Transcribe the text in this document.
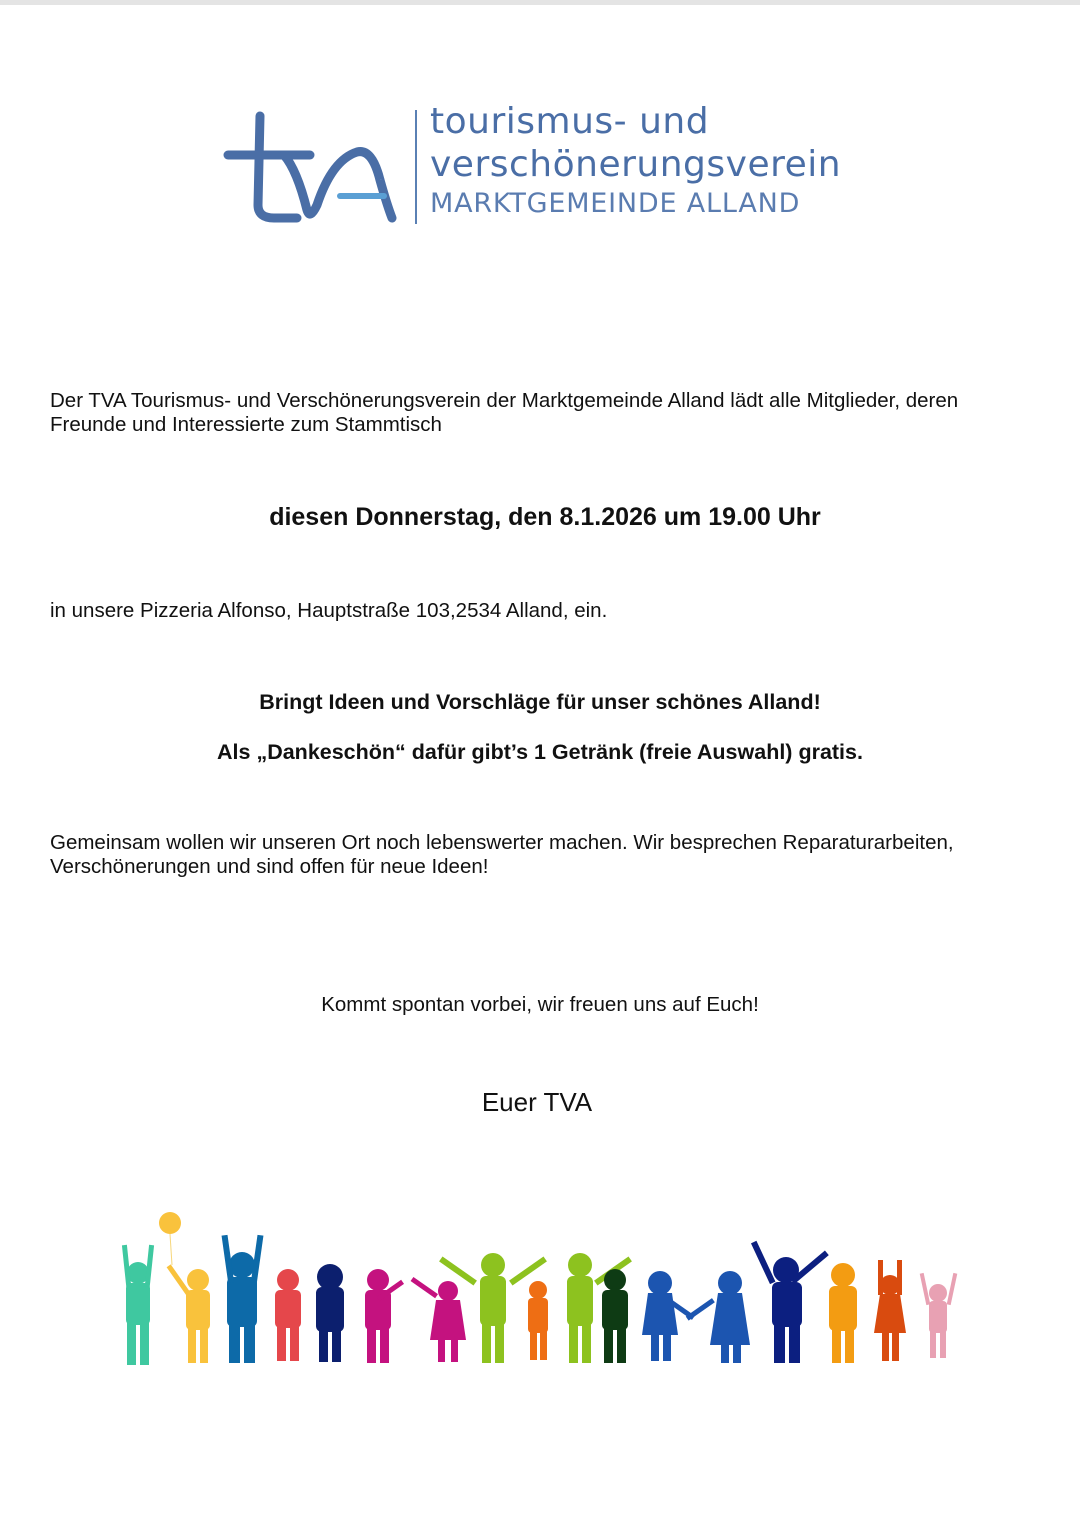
tourismus- und
verschönerungsverein
MARKTGEMEINDE ALLAND
Der TVA Tourismus- und Verschönerungsverein der Marktgemeinde Alland lädt alle Mitglieder, deren Freunde und Interessierte zum Stammtisch
diesen Donnerstag, den 8.1.2026 um 19.00 Uhr
in unsere Pizzeria Alfonso, Hauptstraße 103,2534 Alland, ein.
Bringt Ideen und Vorschläge für unser schönes Alland!
Als „Dankeschön“ dafür gibt’s 1 Getränk (freie Auswahl) gratis.
Gemeinsam wollen wir unseren Ort noch lebenswerter machen. Wir besprechen Reparaturarbeiten, Verschönerungen und sind offen für neue Ideen!
Kommt spontan vorbei, wir freuen uns auf Euch!
Euer TVA
